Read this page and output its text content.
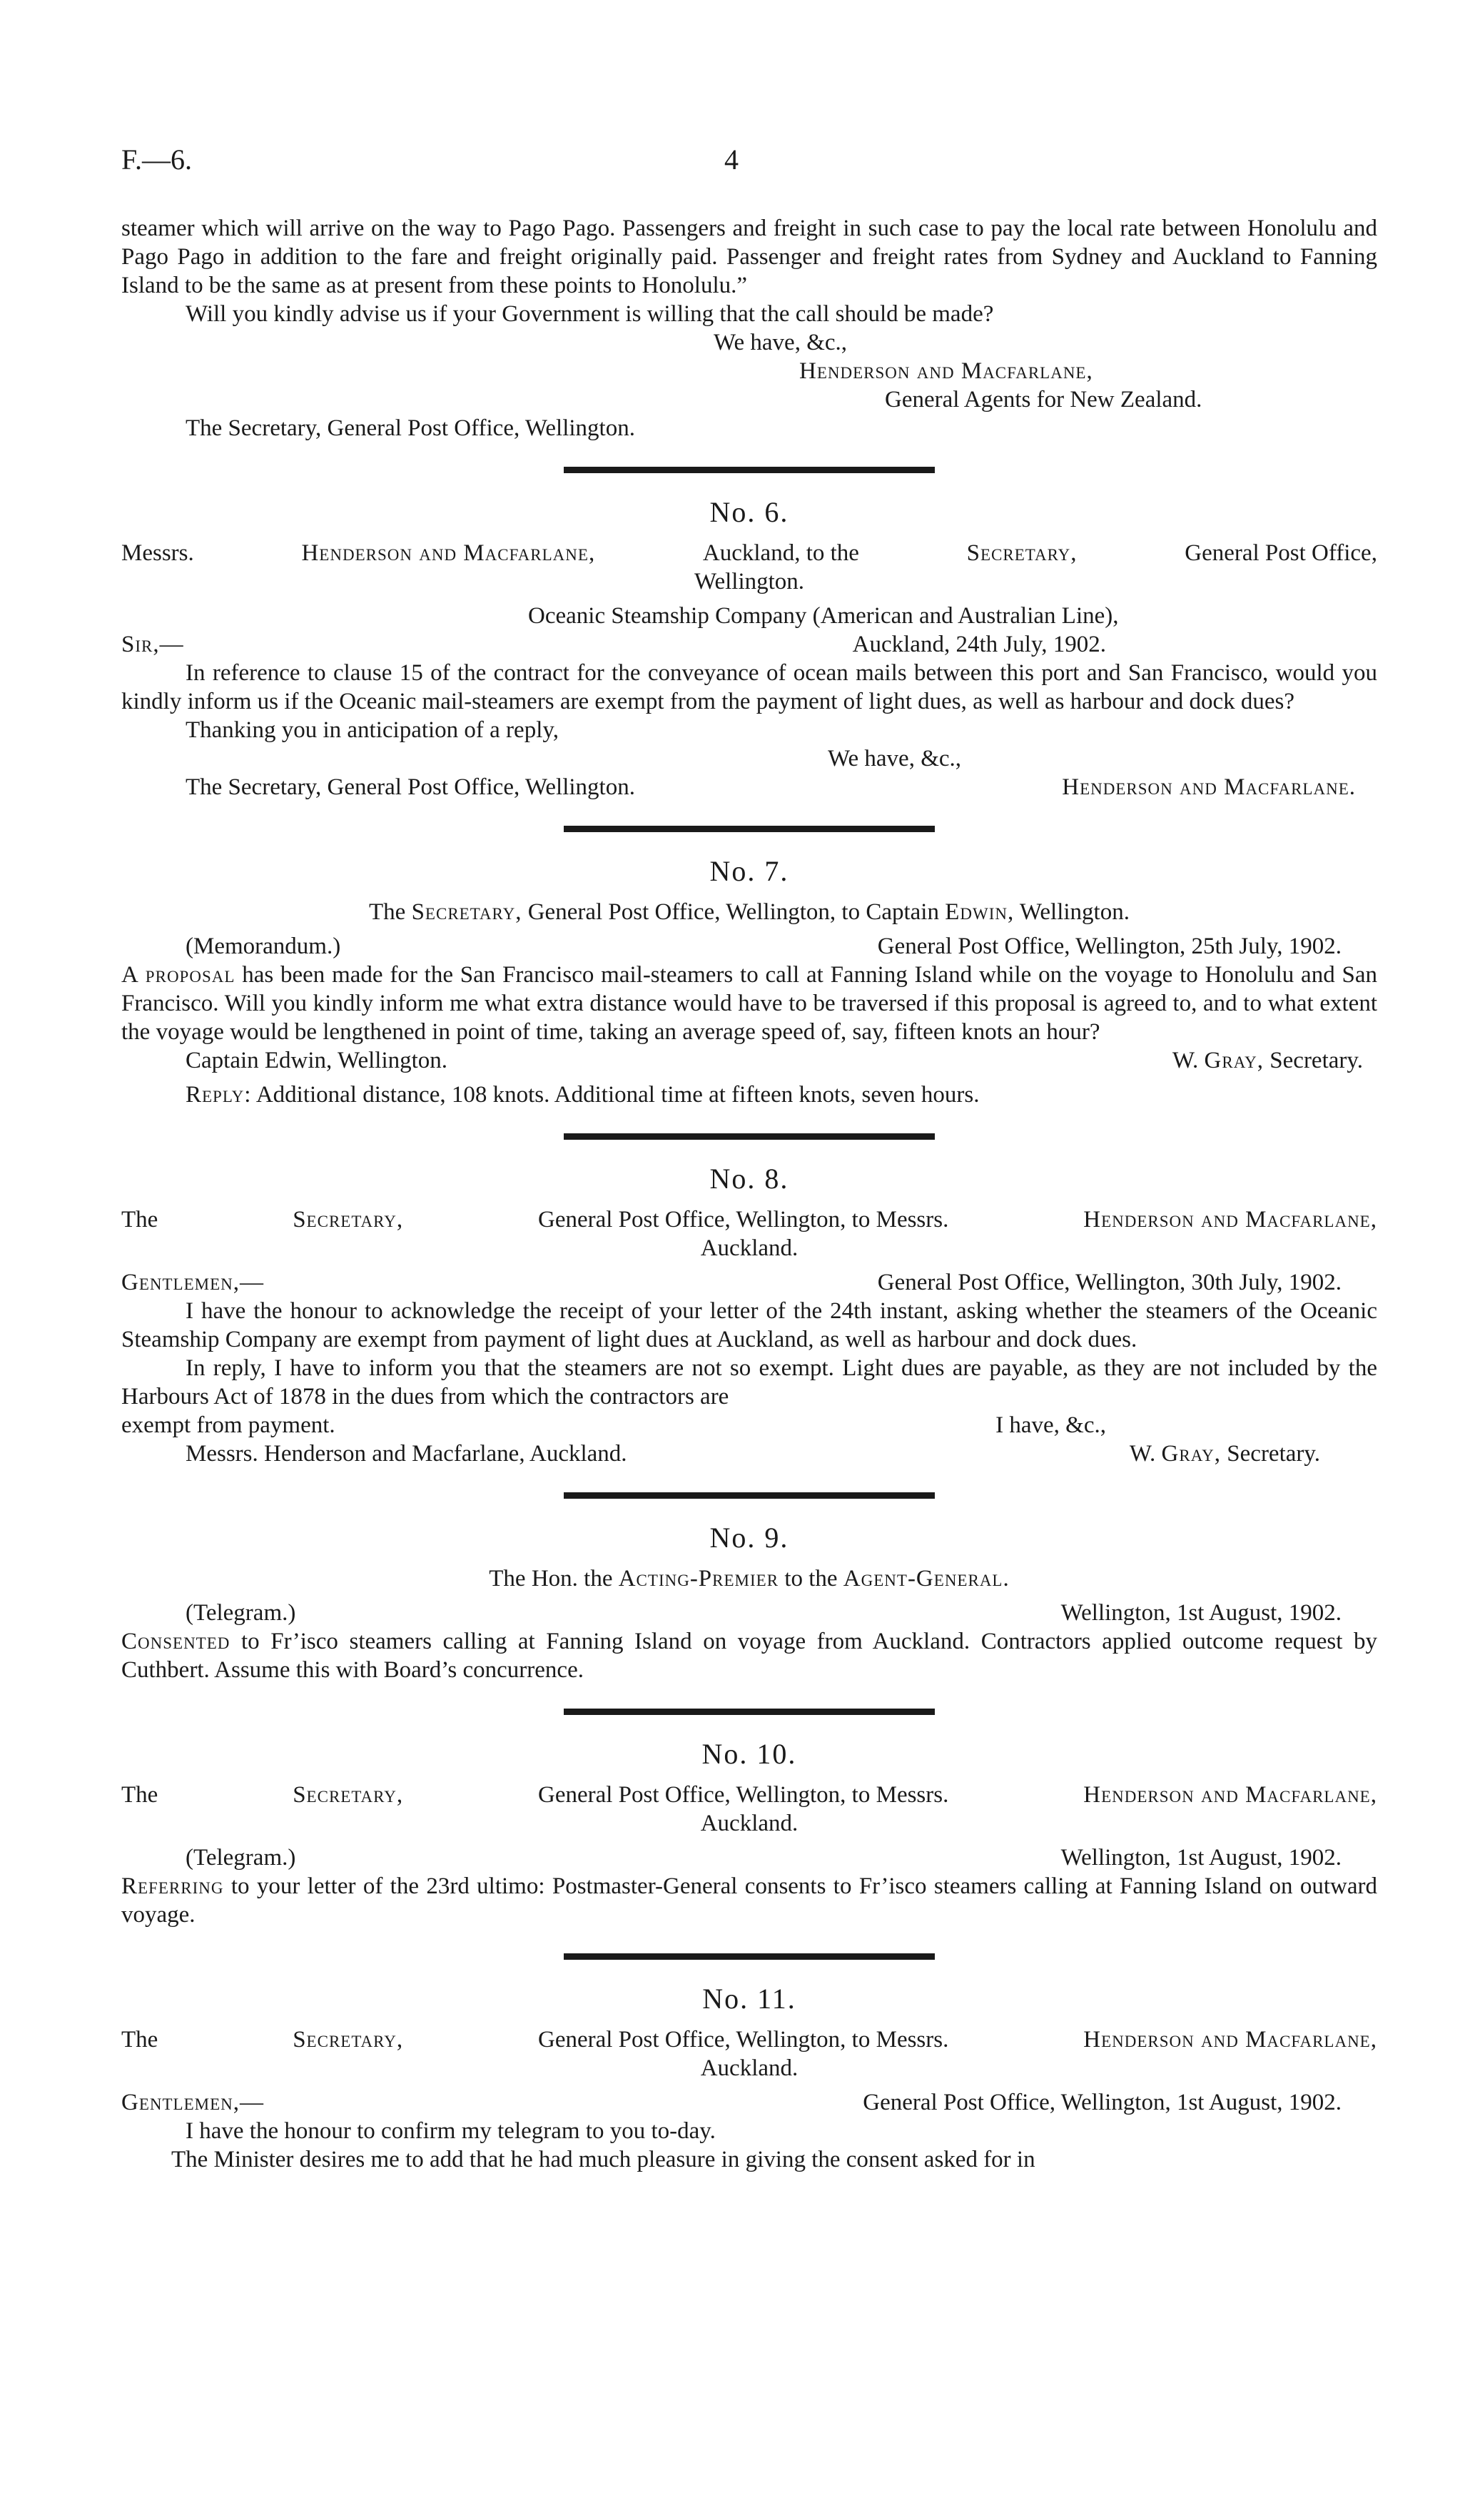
F.—6.	4

steamer which will arrive on the way to Pago Pago. Passengers and freight in such case to pay the local rate between Honolulu and Pago Pago in addition to the fare and freight originally paid. Passenger and freight rates from Sydney and Auckland to Fanning Island to be the same as at present from these points to Honolulu.”

Will you kindly advise us if your Government is willing that the call should be made?

We have, &c.,

Henderson and Macfarlane,

General Agents for New Zealand.

The Secretary, General Post Office, Wellington.

No. 6.

Messrs.	Henderson and Macfarlane,	Auckland, to the	Secretary,	General Post Office,

Wellington.

Oceanic Steamship Company (American and Australian Line),

Sir,—	Auckland, 24th July, 1902.

In reference to clause 15 of the contract for the conveyance of ocean mails between this port and San Francisco, would you kindly inform us if the Oceanic mail-steamers are exempt from the payment of light dues, as well as harbour and dock dues?

Thanking you in anticipation of a reply,

We have, &c.,

The Secretary, General Post Office, Wellington.	Henderson and Macfarlane.

No. 7.

The Secretary, General Post Office, Wellington, to Captain Edwin, Wellington.

(Memorandum.)	General Post Office, Wellington, 25th July, 1902.

A proposal has been made for the San Francisco mail-steamers to call at Fanning Island while on the voyage to Honolulu and San Francisco. Will you kindly inform me what extra distance would have to be traversed if this proposal is agreed to, and to what extent the voyage would be lengthened in point of time, taking an average speed of, say, fifteen knots an hour?

Captain Edwin, Wellington.	W. Gray, Secretary.

Reply: Additional distance, 108 knots. Additional time at fifteen knots, seven hours.

No. 8.

The	Secretary,	General Post Office, Wellington, to Messrs.	Henderson and Macfarlane,

Auckland.

Gentlemen,—	General Post Office, Wellington, 30th July, 1902.

I have the honour to acknowledge the receipt of your letter of the 24th instant, asking whether the steamers of the Oceanic Steamship Company are exempt from payment of light dues at Auckland, as well as harbour and dock dues.

In reply, I have to inform you that the steamers are not so exempt. Light dues are payable, as they are not included by the Harbours Act of 1878 in the dues from which the contractors are

exempt from payment.	I have, &c.,

Messrs. Henderson and Macfarlane, Auckland.	W. Gray, Secretary.

No. 9.

The Hon. the Acting-Premier to the Agent-General.

(Telegram.)	Wellington, 1st August, 1902.

Consented to Fr’isco steamers calling at Fanning Island on voyage from Auckland. Contractors applied outcome request by Cuthbert. Assume this with Board’s concurrence.

No. 10.

The	Secretary,	General Post Office, Wellington, to Messrs.	Henderson and Macfarlane,

Auckland.

(Telegram.)	Wellington, 1st August, 1902.

Referring to your letter of the 23rd ultimo: Postmaster-General consents to Fr’isco steamers calling at Fanning Island on outward voyage.

No. 11.

The	Secretary,	General Post Office, Wellington, to Messrs.	Henderson and Macfarlane,

Auckland.

Gentlemen,—	General Post Office, Wellington, 1st August, 1902.

I have the honour to confirm my telegram to you to-day.

The Minister desires me to add that he had much pleasure in giving the consent asked for in
